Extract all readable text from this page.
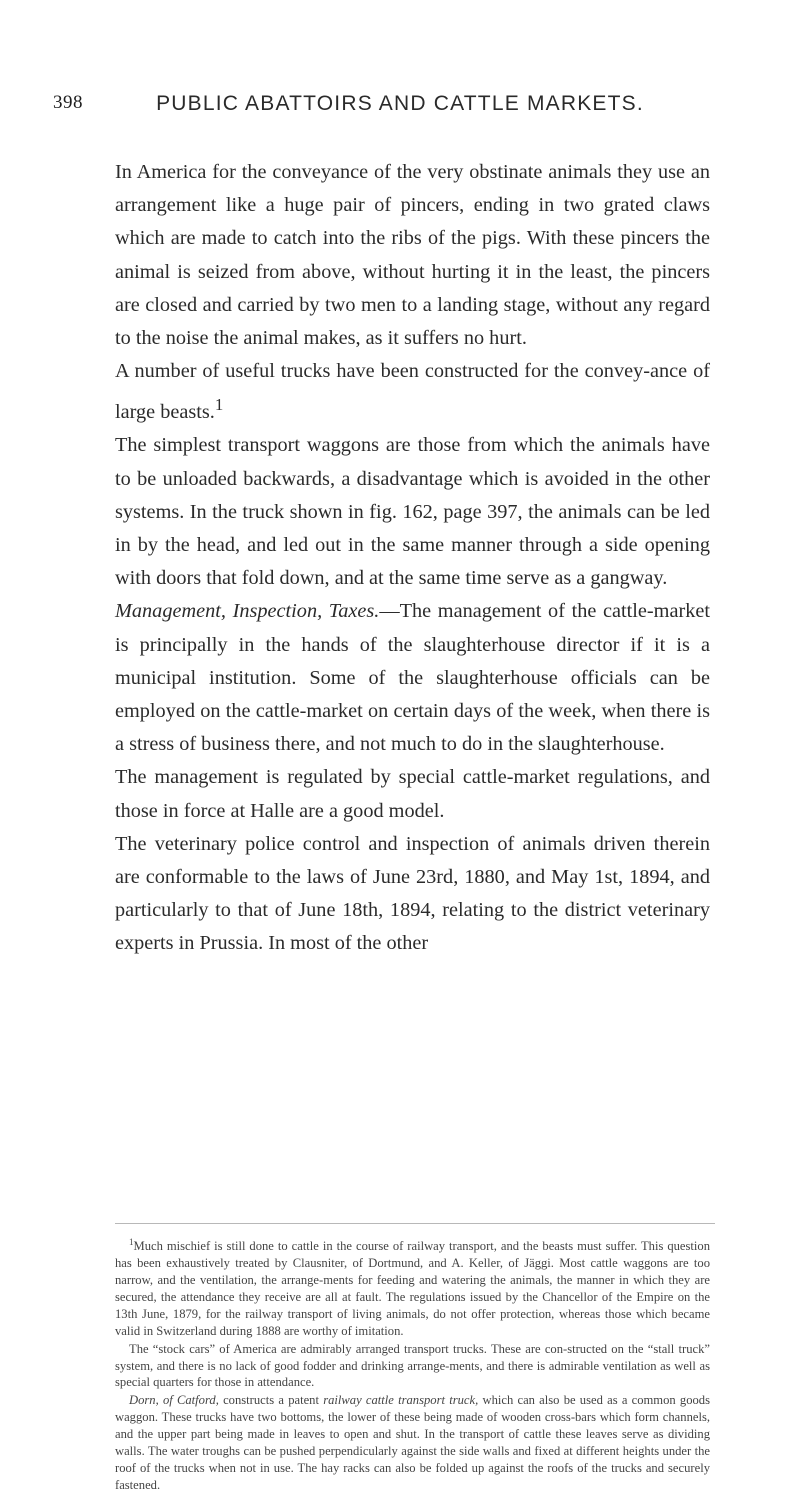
398	PUBLIC ABATTOIRS AND CATTLE MARKETS.

In America for the conveyance of the very obstinate animals they use an arrangement like a huge pair of pincers, ending in two grated claws which are made to catch into the ribs of the pigs. With these pincers the animal is seized from above, without hurting it in the least, the pincers are closed and carried by two men to a landing stage, without any regard to the noise the animal makes, as it suffers no hurt.

A number of useful trucks have been constructed for the convey-ance of large beasts.$^1$

The simplest transport waggons are those from which the animals have to be unloaded backwards, a disadvantage which is avoided in the other systems. In the truck shown in fig. 162, page 397, the animals can be led in by the head, and led out in the same manner through a side opening with doors that fold down, and at the same time serve as a gangway.

Management, Inspection, Taxes.—The management of the cattle-market is principally in the hands of the slaughterhouse director if it is a municipal institution. Some of the slaughterhouse officials can be employed on the cattle-market on certain days of the week, when there is a stress of business there, and not much to do in the slaughterhouse.

The management is regulated by special cattle-market regulations, and those in force at Halle are a good model.

The veterinary police control and inspection of animals driven therein are conformable to the laws of June 23rd, 1880, and May 1st, 1894, and particularly to that of June 18th, 1894, relating to the district veterinary experts in Prussia. In most of the other

$^1$Much mischief is still done to cattle in the course of railway transport, and the beasts must suffer. This question has been exhaustively treated by Clausniter, of Dortmund, and A. Keller, of Jäggi. Most cattle waggons are too narrow, and the ventilation, the arrange-ments for feeding and watering the animals, the manner in which they are secured, the attendance they receive are all at fault. The regulations issued by the Chancellor of the Empire on the 13th June, 1879, for the railway transport of living animals, do not offer protection, whereas those which became valid in Switzerland during 1888 are worthy of imitation.

The “stock cars” of America are admirably arranged transport trucks. These are con-structed on the “stall truck” system, and there is no lack of good fodder and drinking arrange-ments, and there is admirable ventilation as well as special quarters for those in attendance.

Dorn, of Catford, constructs a patent railway cattle transport truck, which can also be used as a common goods waggon. These trucks have two bottoms, the lower of these being made of wooden cross-bars which form channels, and the upper part being made in leaves to open and shut. In the transport of cattle these leaves serve as dividing walls. The water troughs can be pushed perpendicularly against the side walls and fixed at different heights under the roof of the trucks when not in use. The hay racks can also be folded up against the roofs of the trucks and securely fastened.
